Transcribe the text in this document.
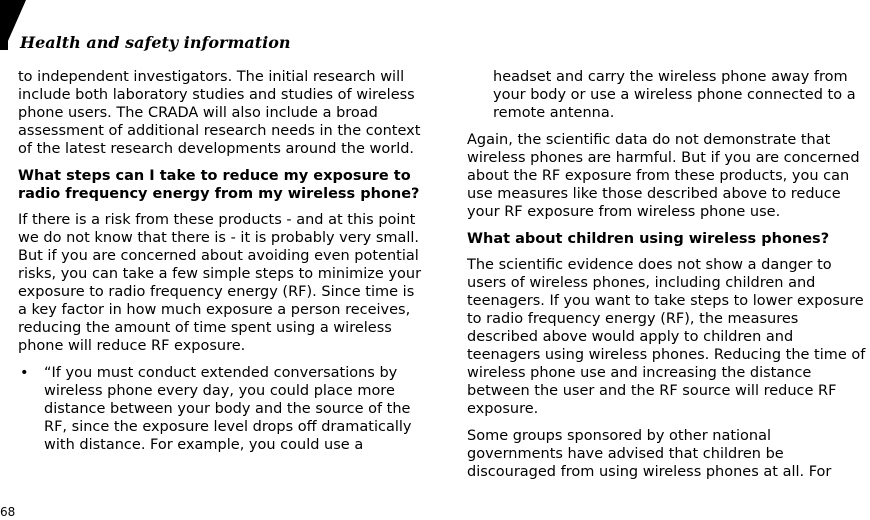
Health and safety information

to independent investigators. The initial research will include both laboratory studies and studies of wireless phone users. The CRADA will also include a broad assessment of additional research needs in the context of the latest research developments around the world.

What steps can I take to reduce my exposure to radio frequency energy from my wireless phone?

If there is a risk from these products - and at this point we do not know that there is - it is probably very small. But if you are concerned about avoiding even potential risks, you can take a few simple steps to minimize your exposure to radio frequency energy (RF). Since time is a key factor in how much exposure a person receives, reducing the amount of time spent using a wireless phone will reduce RF exposure.

• “If you must conduct extended conversations by wireless phone every day, you could place more distance between your body and the source of the RF, since the exposure level drops off dramatically with distance. For example, you could use a

headset and carry the wireless phone away from your body or use a wireless phone connected to a remote antenna.

Again, the scientific data do not demonstrate that wireless phones are harmful. But if you are concerned about the RF exposure from these products, you can use measures like those described above to reduce your RF exposure from wireless phone use.

What about children using wireless phones?

The scientific evidence does not show a danger to users of wireless phones, including children and teenagers. If you want to take steps to lower exposure to radio frequency energy (RF), the measures described above would apply to children and teenagers using wireless phones. Reducing the time of wireless phone use and increasing the distance between the user and the RF source will reduce RF exposure.

Some groups sponsored by other national governments have advised that children be discouraged from using wireless phones at all. For

68
